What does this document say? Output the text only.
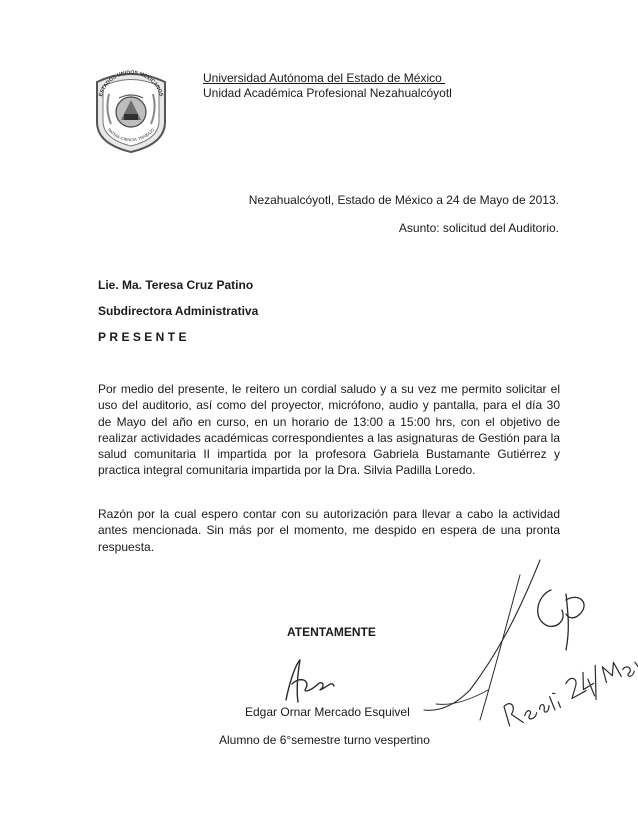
ESTADOS UNIDOS MEXICANOS
PATRIA·CIENCIA·TRABAJO
Universidad Autónoma del Estado de México
Unidad Académica Profesional Nezahualcóyotl
Nezahualcóyotl, Estado de México a 24 de Mayo de 2013.
Asunto: solicitud del Auditorio.
Lie. Ma. Teresa Cruz Patino
Subdirectora Administrativa
PRESENTE

Por medio del presente, le reitero un cordial saludo y a su vez me permito solicitar el uso del auditorio, así como del proyector, micrófono, audio y pantalla, para el día 30 de Mayo del año en curso, en un horario de 13:00 a 15:00 hrs, con el objetivo de realizar actividades académicas correspondientes a las asignaturas de Gestión para la salud comunitaria II impartida por la profesora Gabriela Bustamante Gutiérrez y practica integral comunitaria impartida por la Dra. Silvia Padilla Loredo.

Razón por la cual espero contar con su autorización para llevar a cabo la actividad antes mencionada. Sin más por el momento, me despido en espera de una pronta respuesta.

ATENTAMENTE
Edgar Ornar Mercado Esquivel
Alumno de 6°semestre turno vespertino
